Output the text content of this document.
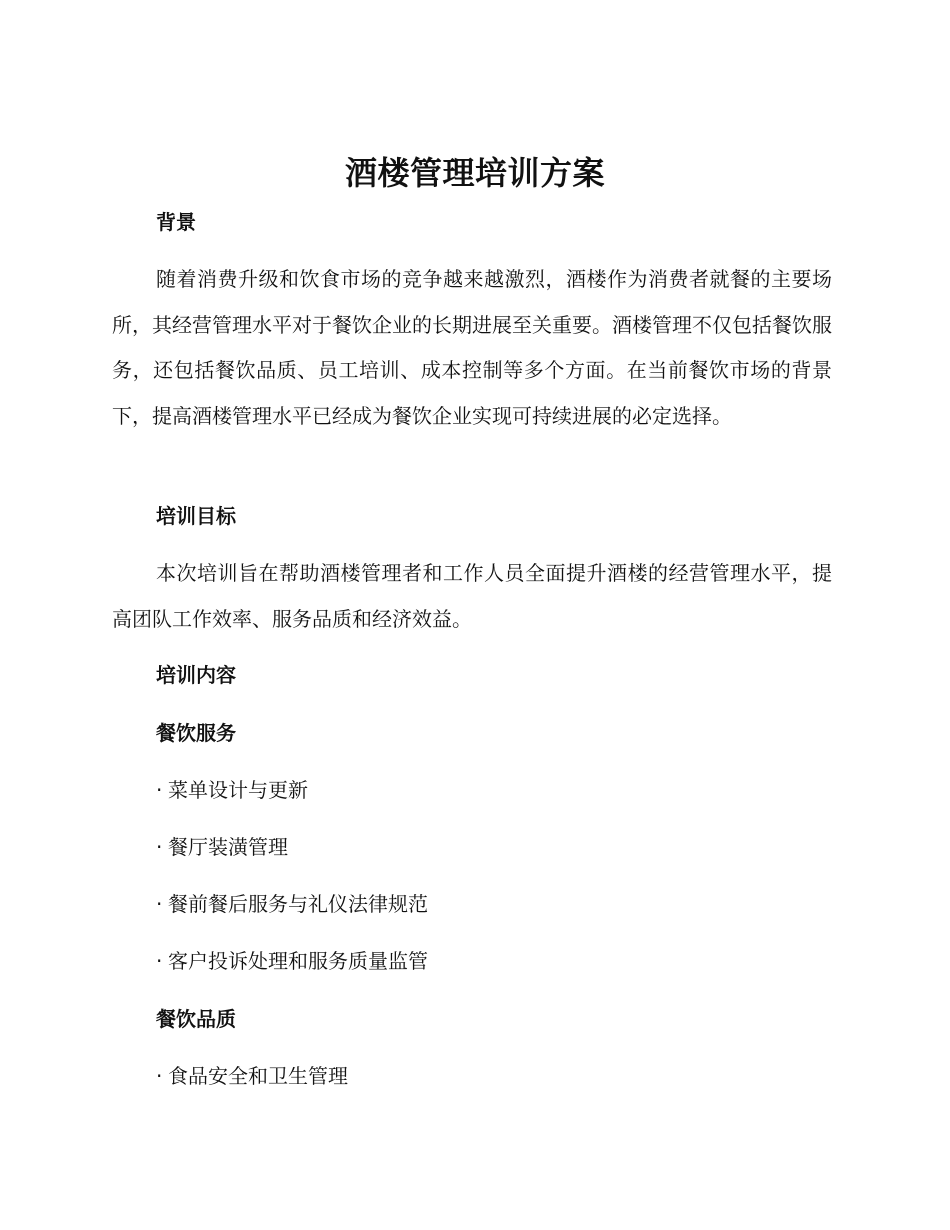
酒楼管理培训方案
背景
随着消费升级和饮食市场的竞争越来越激烈，酒楼作为消费者就餐的主要场所，其经营管理水平对于餐饮企业的长期进展至关重要。酒楼管理不仅包括餐饮服务，还包括餐饮品质、员工培训、成本控制等多个方面。在当前餐饮市场的背景下，提高酒楼管理水平已经成为餐饮企业实现可持续进展的必定选择。
培训目标
本次培训旨在帮助酒楼管理者和工作人员全面提升酒楼的经营管理水平，提高团队工作效率、服务品质和经济效益。
培训内容
餐饮服务
· 菜单设计与更新
· 餐厅装潢管理
· 餐前餐后服务与礼仪法律规范
· 客户投诉处理和服务质量监管
餐饮品质
· 食品安全和卫生管理
